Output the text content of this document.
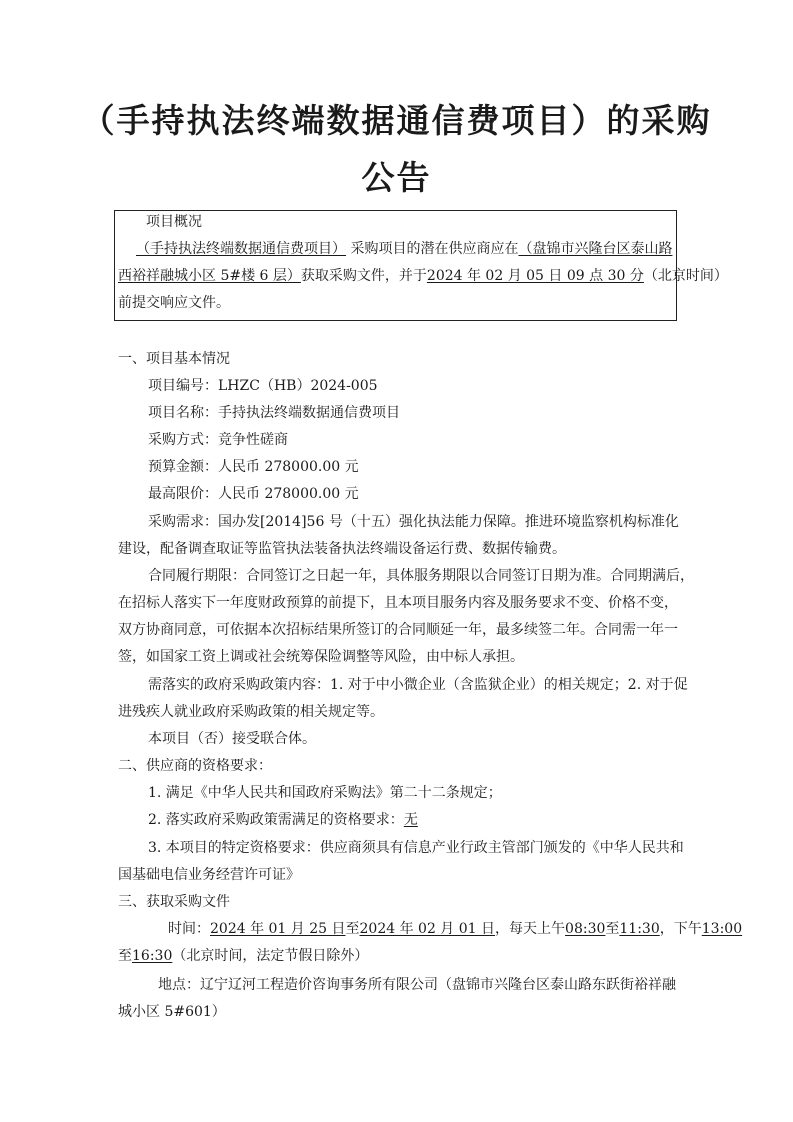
（手持执法终端数据通信费项目）的采购
公告
项目概况
（手持执法终端数据通信费项目） 采购项目的潜在供应商应在（盘锦市兴隆台区泰山路
西裕祥融城小区 5#楼 6 层）获取采购文件，并于2024 年 02 月 05 日 09 点 30 分（北京时间）
前提交响应文件。
一、项目基本情况
项目编号：LHZC（HB）2024-005
项目名称：手持执法终端数据通信费项目
采购方式：竞争性磋商
预算金额：人民币 278000.00 元
最高限价：人民币 278000.00 元
采购需求：国办发[2014]56 号（十五）强化执法能力保障。推进环境监察机构标准化
建设，配备调查取证等监管执法装备执法终端设备运行费、数据传输费。
合同履行期限：合同签订之日起一年，具体服务期限以合同签订日期为准。合同期满后，
在招标人落实下一年度财政预算的前提下，且本项目服务内容及服务要求不变、价格不变，
双方协商同意，可依据本次招标结果所签订的合同顺延一年，最多续签二年。合同需一年一
签，如国家工资上调或社会统筹保险调整等风险，由中标人承担。
需落实的政府采购政策内容：1. 对于中小微企业（含监狱企业）的相关规定；2. 对于促
进残疾人就业政府采购政策的相关规定等。
本项目（否）接受联合体。
二、供应商的资格要求：
1. 满足《中华人民共和国政府采购法》第二十二条规定；
2. 落实政府采购政策需满足的资格要求：无
3. 本项目的特定资格要求：供应商须具有信息产业行政主管部门颁发的《中华人民共和
国基础电信业务经营许可证》
三、获取采购文件
时间：2024 年 01 月 25 日至2024 年 02 月 01 日，每天上午08:30至11:30，下午13:00
至16:30（北京时间，法定节假日除外）
地点：辽宁辽河工程造价咨询事务所有限公司（盘锦市兴隆台区泰山路东跃街裕祥融
城小区 5#601）
